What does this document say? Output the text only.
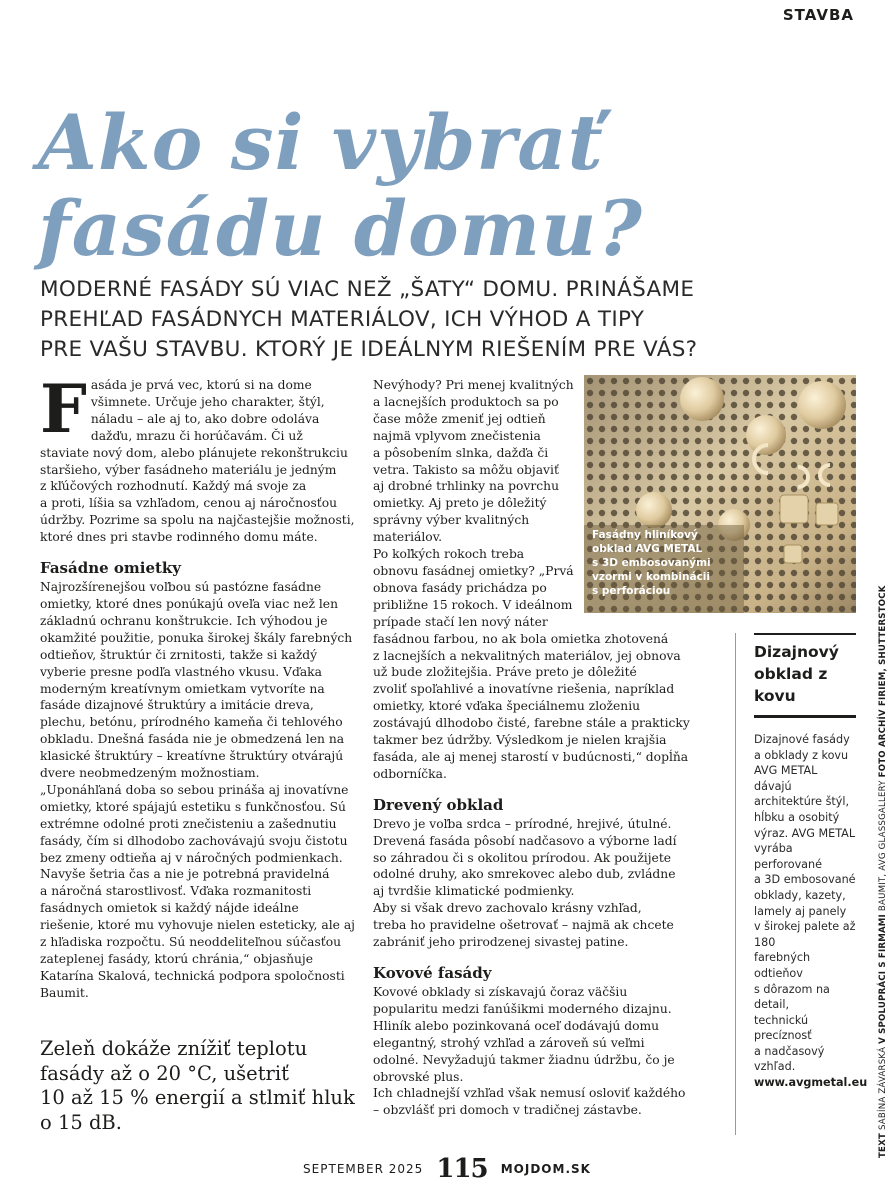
STAVBA
Ako si vybrať
fasádu domu?
MODERNÉ FASÁDY SÚ VIAC NEŽ „ŠATY“ DOMU. PRINÁŠAME
PREHĽAD FASÁDNYCH MATERIÁLOV, ICH VÝHOD A TIPY
PRE VAŠU STAVBU. KTORÝ JE IDEÁLNYM RIEŠENÍM PRE VÁS?
F asáda je prvá vec, ktorú si na dome

všimnete. Určuje jeho charakter, štýl,

náladu – ale aj to, ako dobre odoláva

dažďu, mrazu či horúčavám. Či už

staviate nový dom, alebo plánujete rekonštrukciu

staršieho, výber fasádneho materiálu je jedným

z kľúčových rozhodnutí. Každý má svoje za

a proti, líšia sa vzhľadom, cenou aj náročnosťou

údržby. Pozrime sa spolu na najčastejšie možnosti,

ktoré dnes pri stavbe rodinného domu máte.

Fasádne omietky

Najrozšírenejšou voľbou sú pastózne fasádne

omietky, ktoré dnes ponúkajú oveľa viac než len

základnú ochranu konštrukcie. Ich výhodou je

okamžité použitie, ponuka širokej škály farebných

odtieňov, štruktúr či zrnitosti, takže si každý

vyberie presne podľa vlastného vkusu. Vďaka

moderným kreatívnym omietkam vytvoríte na

fasáde dizajnové štruktúry a imitácie dreva,

plechu, betónu, prírodného kameňa či tehlového

obkladu. Dnešná fasáda nie je obmedzená len na

klasické štruktúry – kreatívne štruktúry otvárajú

dvere neobmedzeným možnostiam.

„Uponáhľaná doba so sebou prináša aj inovatívne

omietky, ktoré spájajú estetiku s funkčnosťou. Sú

extrémne odolné proti znečisteniu a zašednutiu

fasády, čím si dlhodobo zachovávajú svoju čistotu

bez zmeny odtieňa aj v náročných podmienkach.

Navyše šetria čas a nie je potrebná pravidelná

a náročná starostlivosť. Vďaka rozmanitosti

fasádnych omietok si každý nájde ideálne

riešenie, ktoré mu vyhovuje nielen esteticky, ale aj

z hľadiska rozpočtu. Sú neoddeliteľnou súčasťou

zateplenej fasády, ktorú chránia,“ objasňuje

Katarína Skalová, technická podpora spoločnosti

Baumit.

Zeleň dokáže znížiť teplotu
fasády až o 20 °C, ušetriť
10 až 15 % energií a stlmiť hluk
o 15 dB.

Nevýhody? Pri menej kvalitných

a lacnejších produktoch sa po

čase môže zmeniť jej odtieň

najmä vplyvom znečistenia

a pôsobením slnka, dažďa či

vetra. Takisto sa môžu objaviť

aj drobné trhlinky na povrchu

omietky. Aj preto je dôležitý

správny výber kvalitných

materiálov.

Po koľkých rokoch treba

obnovu fasádnej omietky? „Prvá

obnova fasády prichádza po

približne 15 rokoch. V ideálnom

prípade stačí len nový náter

fasádnou farbou, no ak bola omietka zhotovená

z lacnejších a nekvalitných materiálov, jej obnova

už bude zložitejšia. Práve preto je dôležité

zvoliť spoľahlivé a inovatívne riešenia, napríklad

omietky, ktoré vďaka špeciálnemu zloženiu

zostávajú dlhodobo čisté, farebne stále a prakticky

takmer bez údržby. Výsledkom je nielen krajšia

fasáda, ale aj menej starostí v budúcnosti,“ dopĺňa

odborníčka.

Drevený obklad

Drevo je voľba srdca – prírodné, hrejivé, útulné.

Drevená fasáda pôsobí nadčasovo a výborne ladí

so záhradou či s okolitou prírodou. Ak použijete

odolné druhy, ako smrekovec alebo dub, zvládne

aj tvrdšie klimatické podmienky.

Aby si však drevo zachovalo krásny vzhľad,

treba ho pravidelne ošetrovať – najmä ak chcete

zabrániť jeho prirodzenej sivastej patine.

Kovové fasády

Kovové obklady si získavajú čoraz väčšiu

popularitu medzi fanúšikmi moderného dizajnu.

Hliník alebo pozinkovaná oceľ dodávajú domu

elegantný, strohý vzhľad a zároveň sú veľmi

odolné. Nevyžadujú takmer žiadnu údržbu, čo je

obrovské plus.

Ich chladnejší vzhľad však nemusí osloviť každého

– obzvlášť pri domoch v tradičnej zástavbe.

Fasádny hliníkový
obklad AVG METAL
s 3D embosovanými
vzormi v kombinácii
s perforáciou
Dizajnový
obklad z kovu
Dizajnové fasády
a obklady z kovu
AVG METAL dávajú
architektúre štýl,
hĺbku a osobitý
výraz. AVG METAL
vyrába perforované
a 3D embosované
obklady, kazety,
lamely aj panely
v širokej palete až 180
farebných odtieňov
s dôrazom na detail,
technickú precíznosť
a nadčasový vzhľad.
www.avgmetal.eu
TEXT SABÍNA ZÁVARSKÁ V SPOLUPRÁCI S FIRMAMI BAUMIT, AVG GLASSGALLERY FOTO ARCHÍV FIRIEM, SHUTTERSTOCK
SEPTEMBER 2025 115 MOJDOM.SK
